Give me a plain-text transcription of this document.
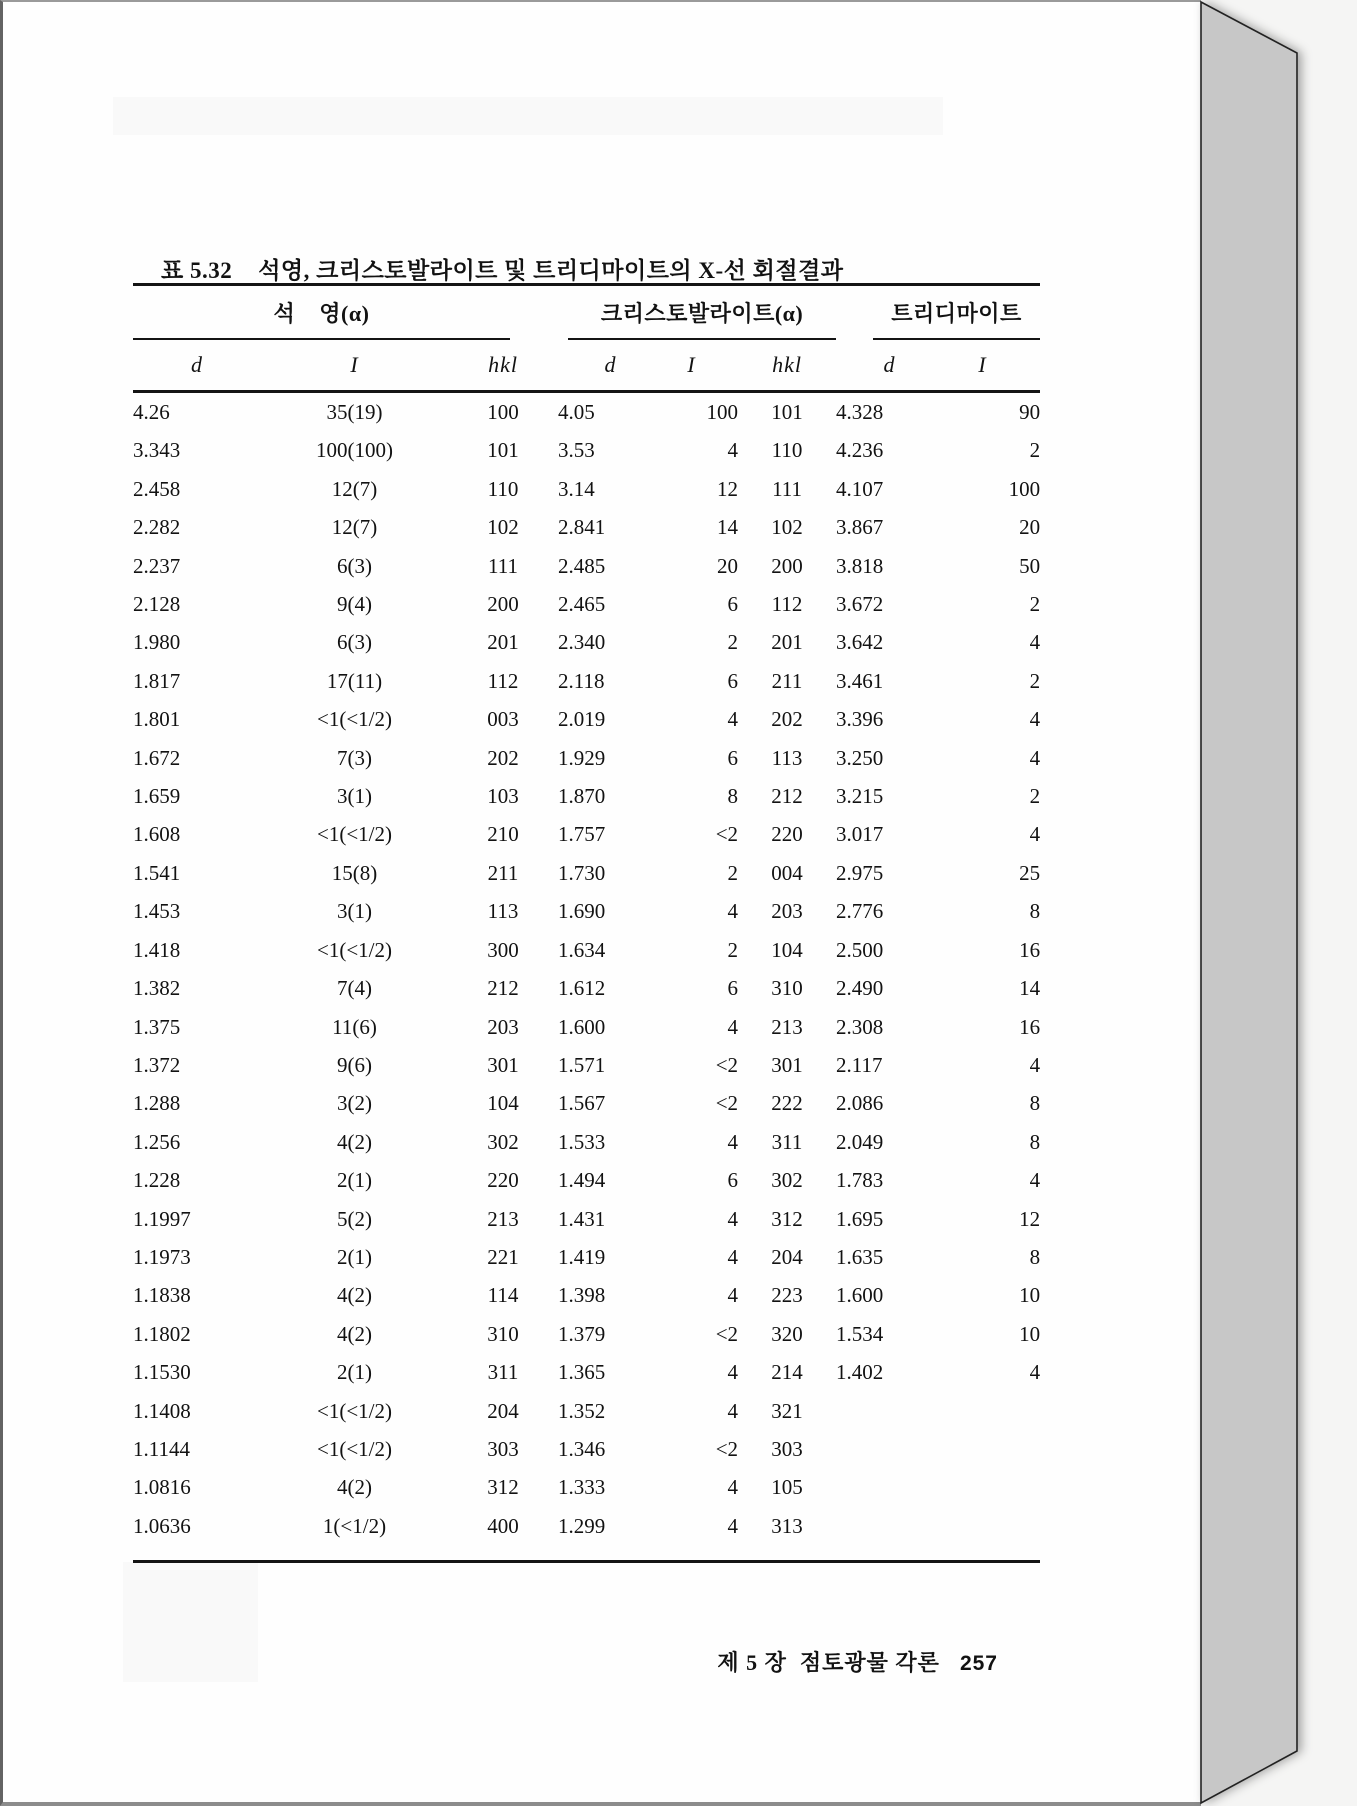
표 5.32 석영, 크리스토발라이트 및 트리디마이트의 X-선 회절결과

석    영(α)			크리스토발라이트(α)			트리디마이트	

d	I	hkl	d	I	hkl	d	I
4.26	35(19)	100	4.05	100	101	4.328	90
3.343	100(100)	101	3.53	4	110	4.236	2
2.458	12(7)	110	3.14	12	111	4.107	100
2.282	12(7)	102	2.841	14	102	3.867	20
2.237	6(3)	111	2.485	20	200	3.818	50
2.128	9(4)	200	2.465	6	112	3.672	2
1.980	6(3)	201	2.340	2	201	3.642	4
1.817	17(11)	112	2.118	6	211	3.461	2
1.801	<1(<1/2)	003	2.019	4	202	3.396	4
1.672	7(3)	202	1.929	6	113	3.250	4
1.659	3(1)	103	1.870	8	212	3.215	2
1.608	<1(<1/2)	210	1.757	<2	220	3.017	4
1.541	15(8)	211	1.730	2	004	2.975	25
1.453	3(1)	113	1.690	4	203	2.776	8
1.418	<1(<1/2)	300	1.634	2	104	2.500	16
1.382	7(4)	212	1.612	6	310	2.490	14
1.375	11(6)	203	1.600	4	213	2.308	16
1.372	9(6)	301	1.571	<2	301	2.117	4
1.288	3(2)	104	1.567	<2	222	2.086	8
1.256	4(2)	302	1.533	4	311	2.049	8
1.228	2(1)	220	1.494	6	302	1.783	4
1.1997	5(2)	213	1.431	4	312	1.695	12
1.1973	2(1)	221	1.419	4	204	1.635	8
1.1838	4(2)	114	1.398	4	223	1.600	10
1.1802	4(2)	310	1.379	<2	320	1.534	10
1.1530	2(1)	311	1.365	4	214	1.402	4
1.1408	<1(<1/2)	204	1.352	4	321		
1.1144	<1(<1/2)	303	1.346	<2	303		
1.0816	4(2)	312	1.333	4	105		
1.0636	1(<1/2)	400	1.299	4	313		

제 5 장  점토광물 각론 257
